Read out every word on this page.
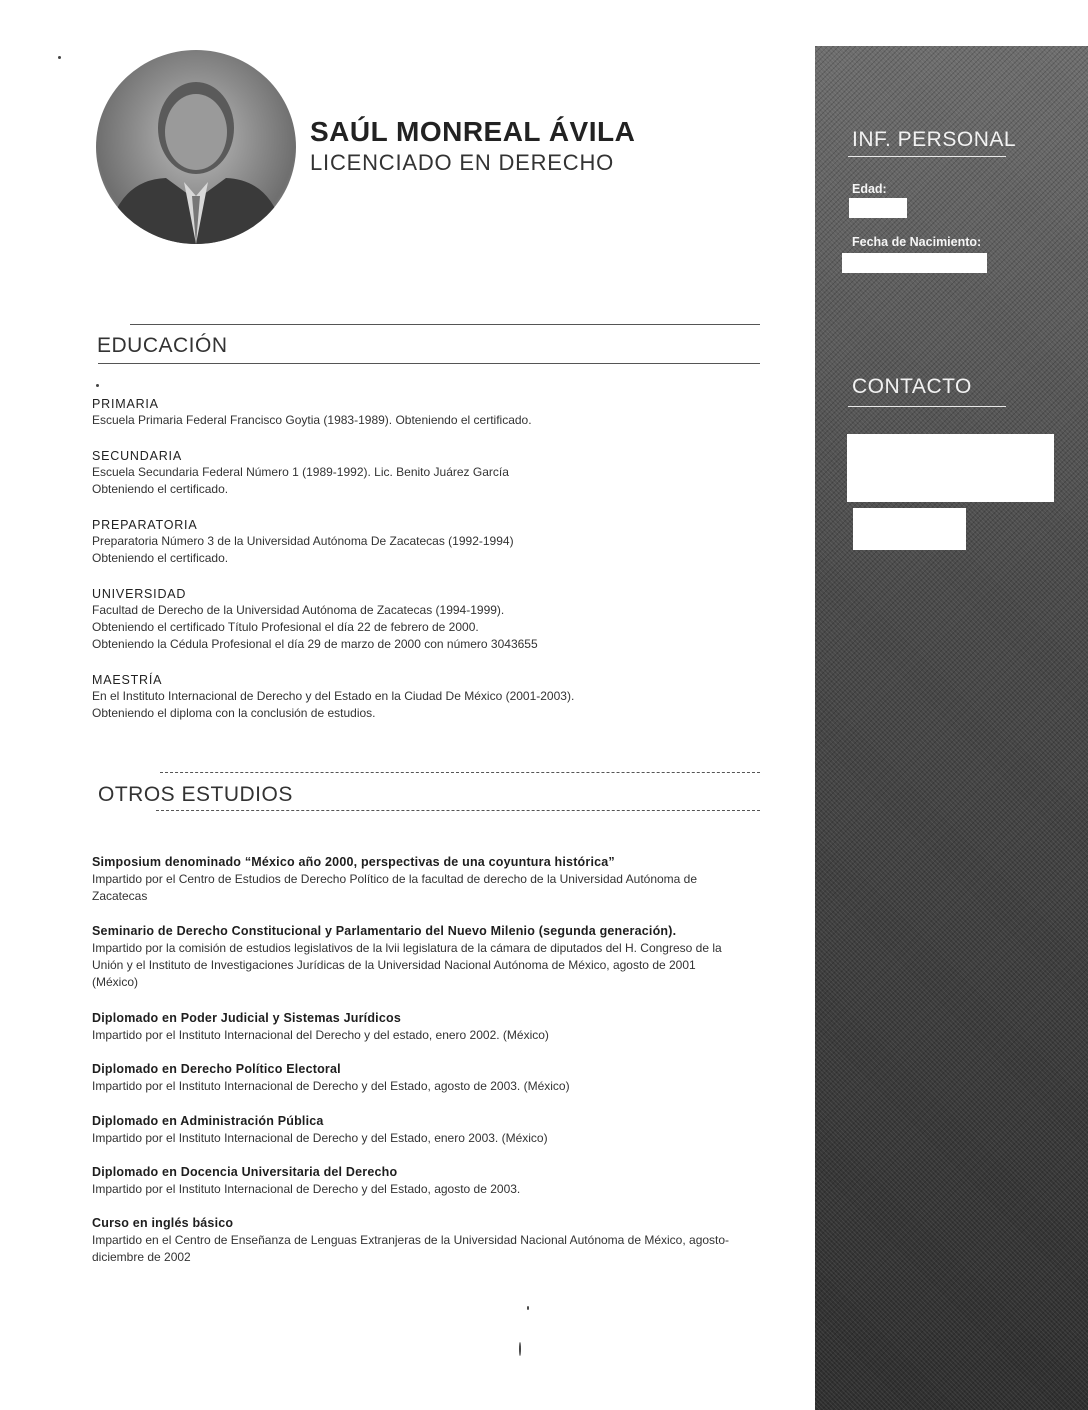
SAÚL MONREAL ÁVILA
LICENCIADO EN DERECHO
EDUCACIÓN
PRIMARIA
Escuela Primaria Federal Francisco Goytia (1983-1989). Obteniendo el certificado.
SECUNDARIA
Escuela Secundaria Federal Número 1 (1989-1992). Lic. Benito Juárez García
Obteniendo el certificado.
PREPARATORIA
Preparatoria Número 3 de la Universidad Autónoma De Zacatecas (1992-1994)
Obteniendo el certificado.
UNIVERSIDAD
Facultad de Derecho de la Universidad Autónoma de Zacatecas (1994-1999).
Obteniendo el certificado Título Profesional el día 22 de febrero de 2000.
Obteniendo la Cédula Profesional el día 29 de marzo de 2000 con número 3043655
MAESTRÍA
En el Instituto Internacional de Derecho y del Estado en la Ciudad De México (2001-2003).
Obteniendo el diploma con la conclusión de estudios.
OTROS ESTUDIOS
Simposium denominado “México año 2000, perspectivas de una coyuntura histórica”
Impartido por el Centro de Estudios de Derecho Político de la facultad de derecho de la Universidad Autónoma de Zacatecas
Seminario de Derecho Constitucional y Parlamentario del Nuevo Milenio (segunda generación).
Impartido por la comisión de estudios legislativos de la lvii legislatura de la cámara de diputados del H. Congreso de la Unión y el Instituto de Investigaciones Jurídicas de la Universidad Nacional Autónoma de México, agosto de 2001 (México)
Diplomado en Poder Judicial y Sistemas Jurídicos
Impartido por el Instituto Internacional del Derecho y del estado, enero 2002. (México)
Diplomado en Derecho Político Electoral
Impartido por el Instituto Internacional de Derecho y del Estado, agosto de 2003. (México)
Diplomado en Administración Pública
Impartido por el Instituto Internacional de Derecho y del Estado, enero 2003. (México)
Diplomado en Docencia Universitaria del Derecho
Impartido por el Instituto Internacional de Derecho y del Estado, agosto de 2003.
Curso en inglés básico
Impartido en el Centro de Enseñanza de Lenguas Extranjeras de la Universidad Nacional Autónoma de México, agosto-diciembre de 2002
INF. PERSONAL
Edad:
Fecha de Nacimiento:
CONTACTO
